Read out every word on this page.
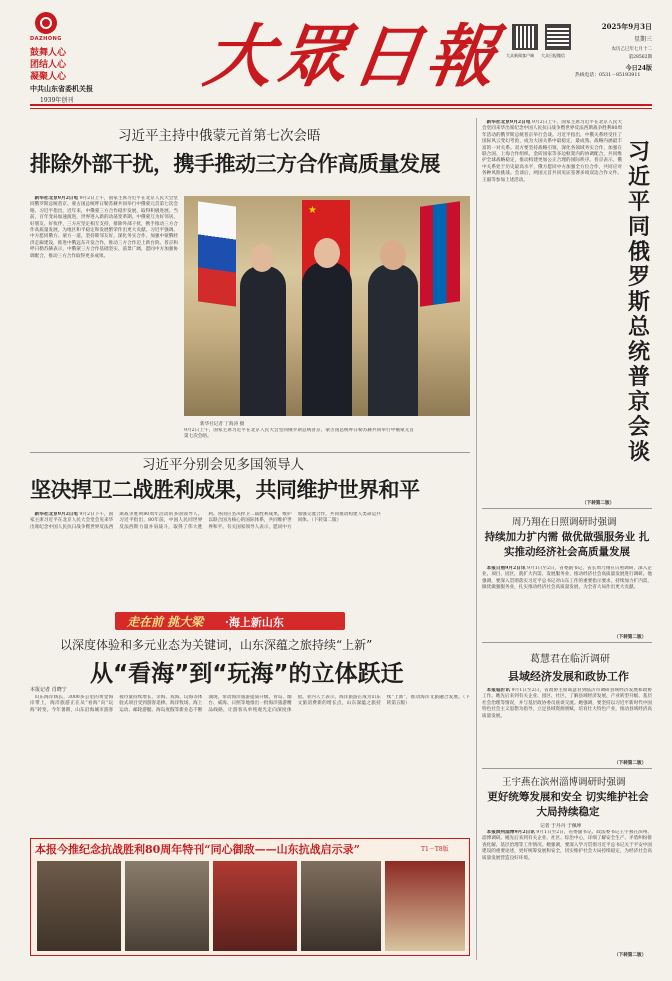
DAZHONG
鼓舞人心
团结人心
凝聚人心
中共山东省委机关报
1939年创刊
大眾日報 大众新闻客户端 大众日报微信
2025年9月3日
星期三
农历乙巳年七月十二
第28562期
今日24版
热线电话：0531－85193911
习近平主持中俄蒙元首第七次会晤
排除外部干扰，携手推动三方合作高质量发展

新华社北京9月2日电 9月2日上午，国家主席习近平在北京人民大会堂同俄罗斯总统普京、蒙古国总统呼日勒苏赫共同举行中俄蒙元首第七次会晤。习近平指出，近年来，中俄蒙三方合作稳步发展，取得积极进展。当前，百年变局加速演进，世界进入新的动荡变革期。中俄蒙互为好邻居、好朋友、好伙伴，三方应坚定相互支持，排除外部干扰，携手推动三方合作高质量发展，为地区和平稳定和发展繁荣作出更大贡献。习近平强调，中方愿同俄方、蒙方一道，坚持睦邻友好，深化务实合作，加强中蒙俄经济走廊建设，推进中俄远东开发合作，推动三方合作迈上新台阶。普京和呼日勒苏赫表示，中俄蒙三方合作基础坚实、前景广阔，愿同中方加强协调配合，推动三方合作取得更多成果。

★
新华社记者 丁海涛 摄
9月2日上午，国家主席习近平在北京人民大会堂同俄罗斯总统普京、蒙古国总统呼日勒苏赫共同举行中俄蒙元首第七次会晤。
习近平分别会见多国领导人
坚决捍卫二战胜利成果，共同维护世界和平

新华社北京9月2日电 9月2日下午，国家主席习近平在北京人民大会堂会见来华出席纪念中国人民抗日战争暨世界反法西斯战争胜利80周年活动的多国领导人。习近平指出，80年前，中国人民同世界反法西斯力量并肩战斗，取得了伟大胜利。各国应坚决捍卫二战胜利成果，维护以联合国为核心的国际体系，共同维护世界和平。有关国家领导人表示，愿同中方加强交流合作，共同推动构建人类命运共同体。（下转第二版）

走在前 挑大梁 ·海上新山东
以深度体验和多元业态为关键词，山东深蕴之旅持续“上新”
从“看海”到“玩海”的立体跃迁
本报记者 肖晓宁

山东海岸线长，3000多公里的黄金海岸带上，海洋旅游正在从“看海”向“玩海”转变。今年暑期，山东沿海城市游客接待量持续增长，亲海、戏海、玩海等体验式项目受到游客追捧。海洋牧场、海上运动、邮轮游艇、海岛度假等新业态不断涌现，带动海洋旅游提质升级。青岛、烟台、威海、日照等地推出一批海洋旅游精品线路，让游客从单纯观光走向深度体验。业内人士表示，海洋旅游正成为山东文旅消费新的增长点，山东深蕴之旅持续“上新”，推动海洋文旅融合发展。（下转第五版）

本报今推纪念抗战胜利80周年特刊“同心御敌——山东抗战启示录”	T1－T8版

新华社北京9月2日电 9月2日上午，国家主席习近平在北京人民大会堂同来华出席纪念中国人民抗日战争暨世界反法西斯战争胜利80周年活动的俄罗斯总统普京举行会谈。习近平指出，中俄关系经受住了国际风云变幻考验，成为大国关系中最稳定、最成熟、战略内涵最丰富的一对关系。双方要坚持战略引领，深化各领域务实合作，加强在联合国、上海合作组织、金砖国家等多边框架内的协调配合，共同维护全球战略稳定，推动构建更加公正合理的国际秩序。普京表示，俄中关系处于历史最高水平，俄方愿同中方加强全方位合作，共同应对各种风险挑战。会谈后，两国元首共同见证签署多项双边合作文件。王毅等参加上述活动。

习近平同俄罗斯总统普京会谈
（下转第二版）
周乃翔在日照调研时强调
持续加力扩内需 做优做强服务业 扎实推动经济社会高质量发展

本报日照9月2日讯 9月1日至2日，省委副书记、省长周乃翔在日照调研，深入企业、项目、园区，就扩大内需、发展服务业、推动经济社会高质量发展进行调研。他强调，要深入贯彻落实习近平总书记对山东工作的重要指示要求，持续加力扩内需，做优做强服务业，扎实推动经济社会高质量发展，为全省大局作出更大贡献。

（下转第二版）
葛慧君在临沂调研
县域经济发展和政协工作

本报临沂讯 9月1日至2日，省政协主席葛慧君到临沂市调研县域经济发展和政协工作。她先后来到有关企业、园区、社区，了解县域经济发展、产业转型升级、基层社会治理等情况，并与基层政协委员座谈交流。她强调，要坚持以习近平新时代中国特色社会主义思想为指导，立足县域资源禀赋，培育壮大特色产业，推动县域经济高质量发展。

（下转第二版）
王宇燕在滨州淄博调研时强调
更好统筹发展和安全 切实维护社会大局持续稳定
记者 于丹丹 于佩坤

本报滨州淄博9月2日讯 9月1日至2日，省委副书记、政法委书记王宇燕在滨州、淄博调研。她先后来到有关企业、社区、综治中心，详细了解安全生产、矛盾纠纷排查化解、基层治理等工作情况。她强调，要深入学习贯彻习近平总书记关于平安中国建设的重要论述，更好统筹发展和安全，切实维护社会大局持续稳定，为经济社会高质量发展营造良好环境。

（下转第二版）
